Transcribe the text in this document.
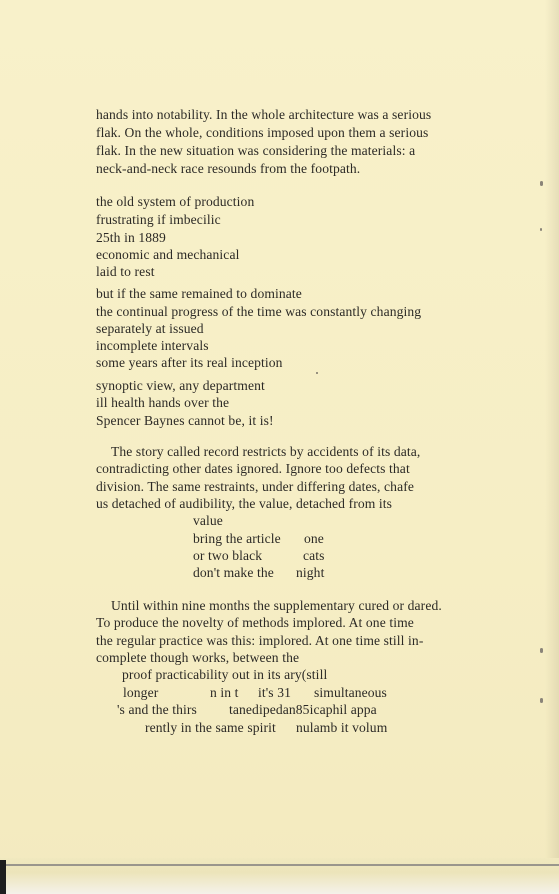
hands into notability. In the whole architecture was a serious
flak. On the whole, conditions imposed upon them a serious
flak. In the new situation was considering the materials: a
neck-and-neck race resounds from the footpath.
the old system of production
frustrating if imbecilic
25th in 1889
economic and mechanical
laid to rest
but if the same remained to dominate
the continual progress of the time was constantly changing
separately at issued
incomplete intervals
some years after its real inception
synoptic view, any department
ill health hands over the
Spencer Baynes cannot be, it is!
The story called record restricts by accidents of its data,
contradicting other dates ignored. Ignore too defects that
division. The same restraints, under differing dates, chafe
us detached of audibility, the value, detached from its
value
bring the article one
or two black	cats
don't make the night
Until within nine months the supplementary cured or dared.
To produce the novelty of methods implored. At one time
the regular practice was this: implored. At one time still in-
complete though works, between the
proof practicability out in its ary(still
longer	n in t it's 31 simultaneous
's and the thirs tanedipedan85icaphil appa
rently in the same spirit nulamb it volum
